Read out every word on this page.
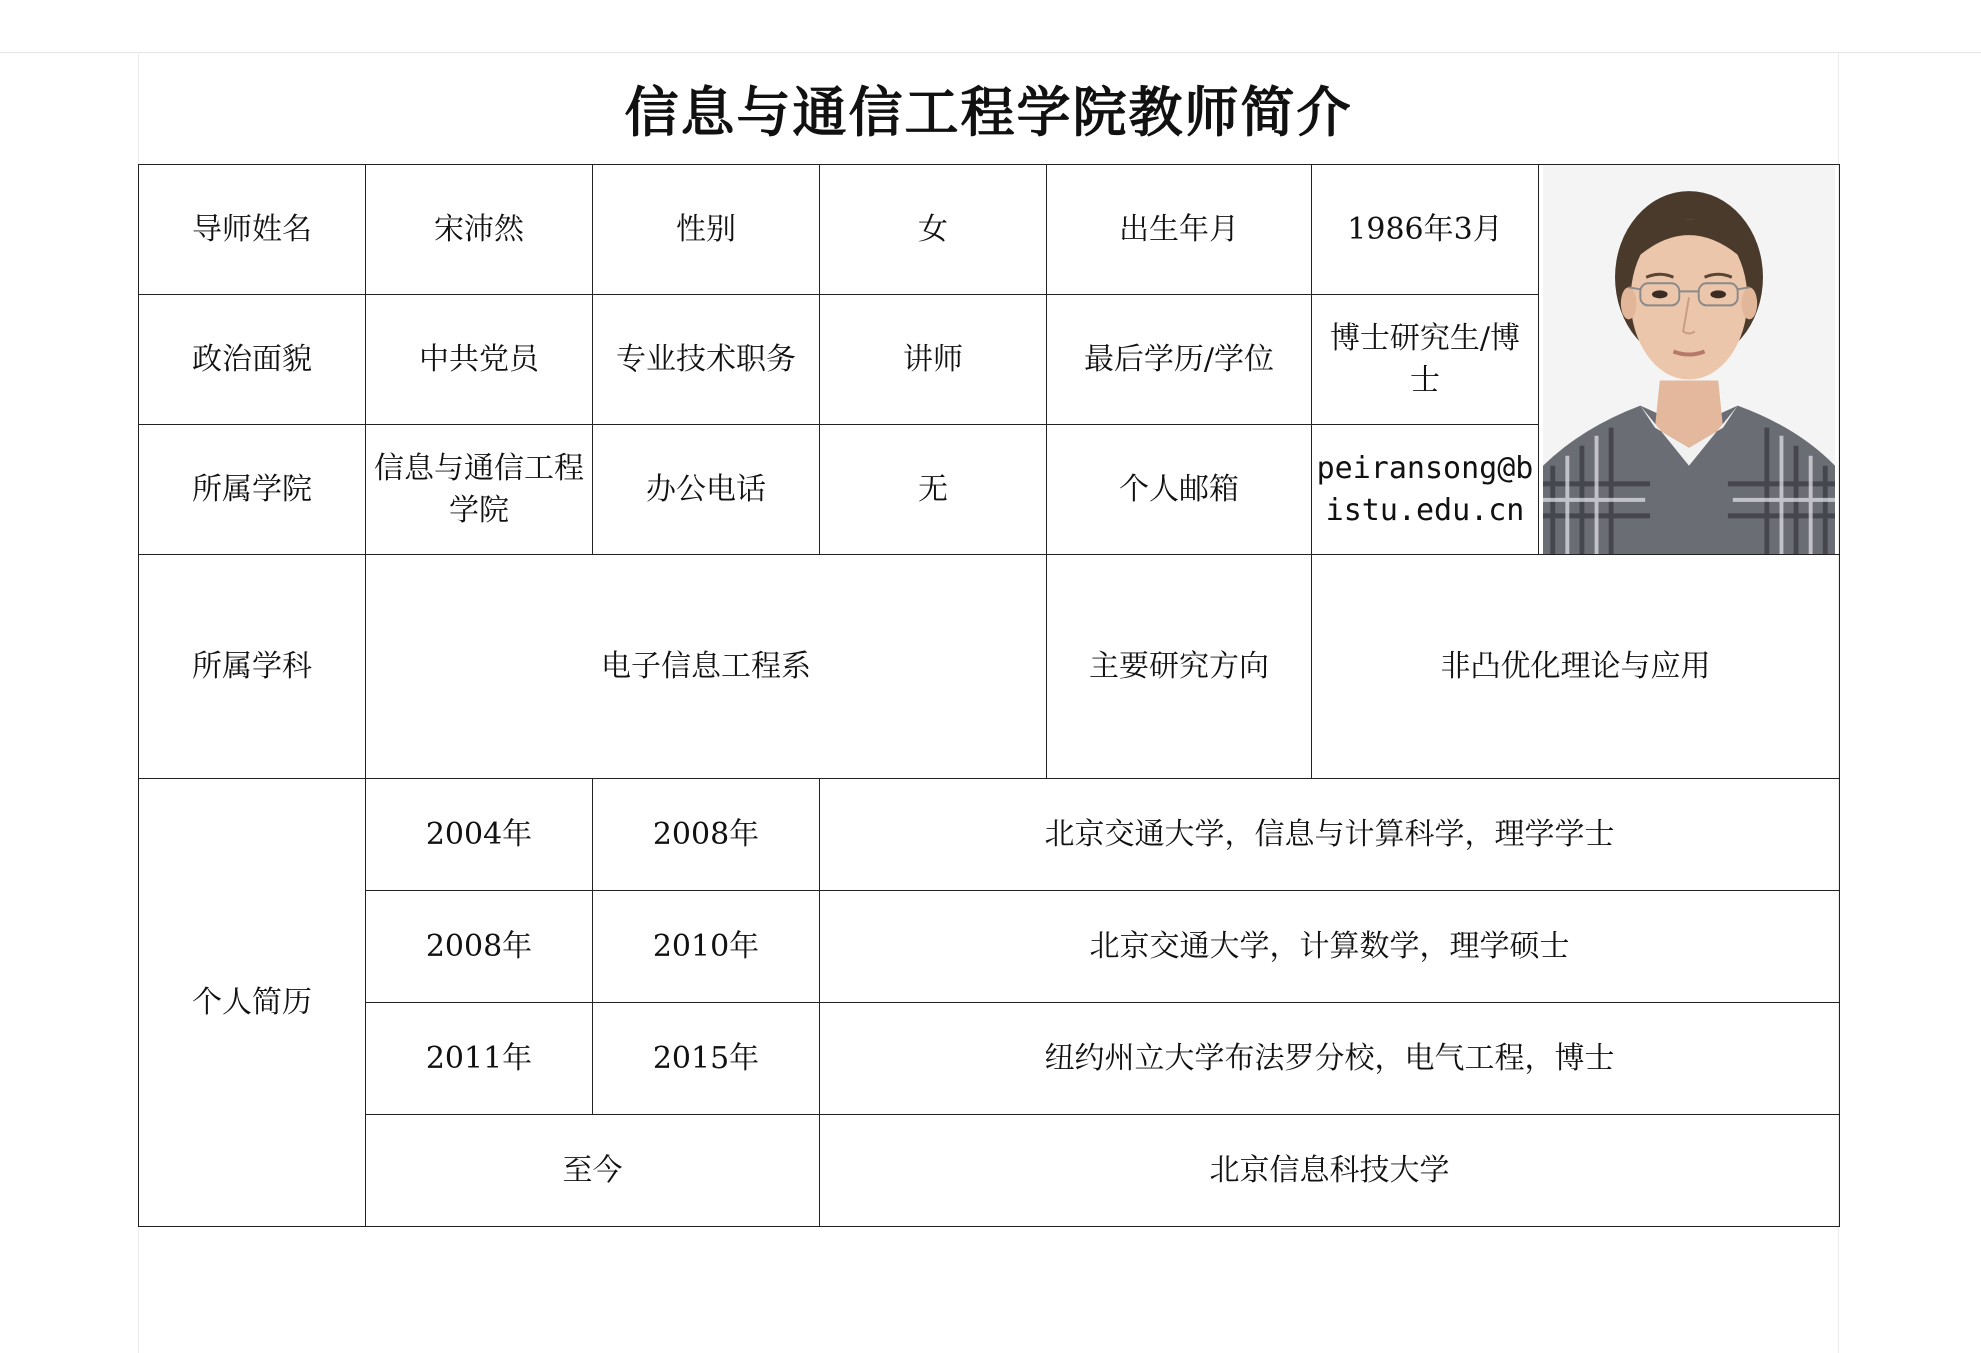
信息与通信工程学院教师简介
导师姓名	宋沛然	性别	女	出生年月	1986年3月	

政治面貌	中共党员	专业技术职务	讲师	最后学历/学位	博士研究生/博士	
所属学院	信息与通信工程学院	办公电话	无	个人邮箱	peiransong@bistu.edu.cn	
所属学科	电子信息工程系			主要研究方向	非凸优化理论与应用	
个人简历	2004年	2008年	北京交通大学，信息与计算科学，理学学士			
	2008年	2010年	北京交通大学，计算数学，理学硕士			
	2011年	2015年	纽约州立大学布法罗分校，电气工程，博士			
	至今		北京信息科技大学			
